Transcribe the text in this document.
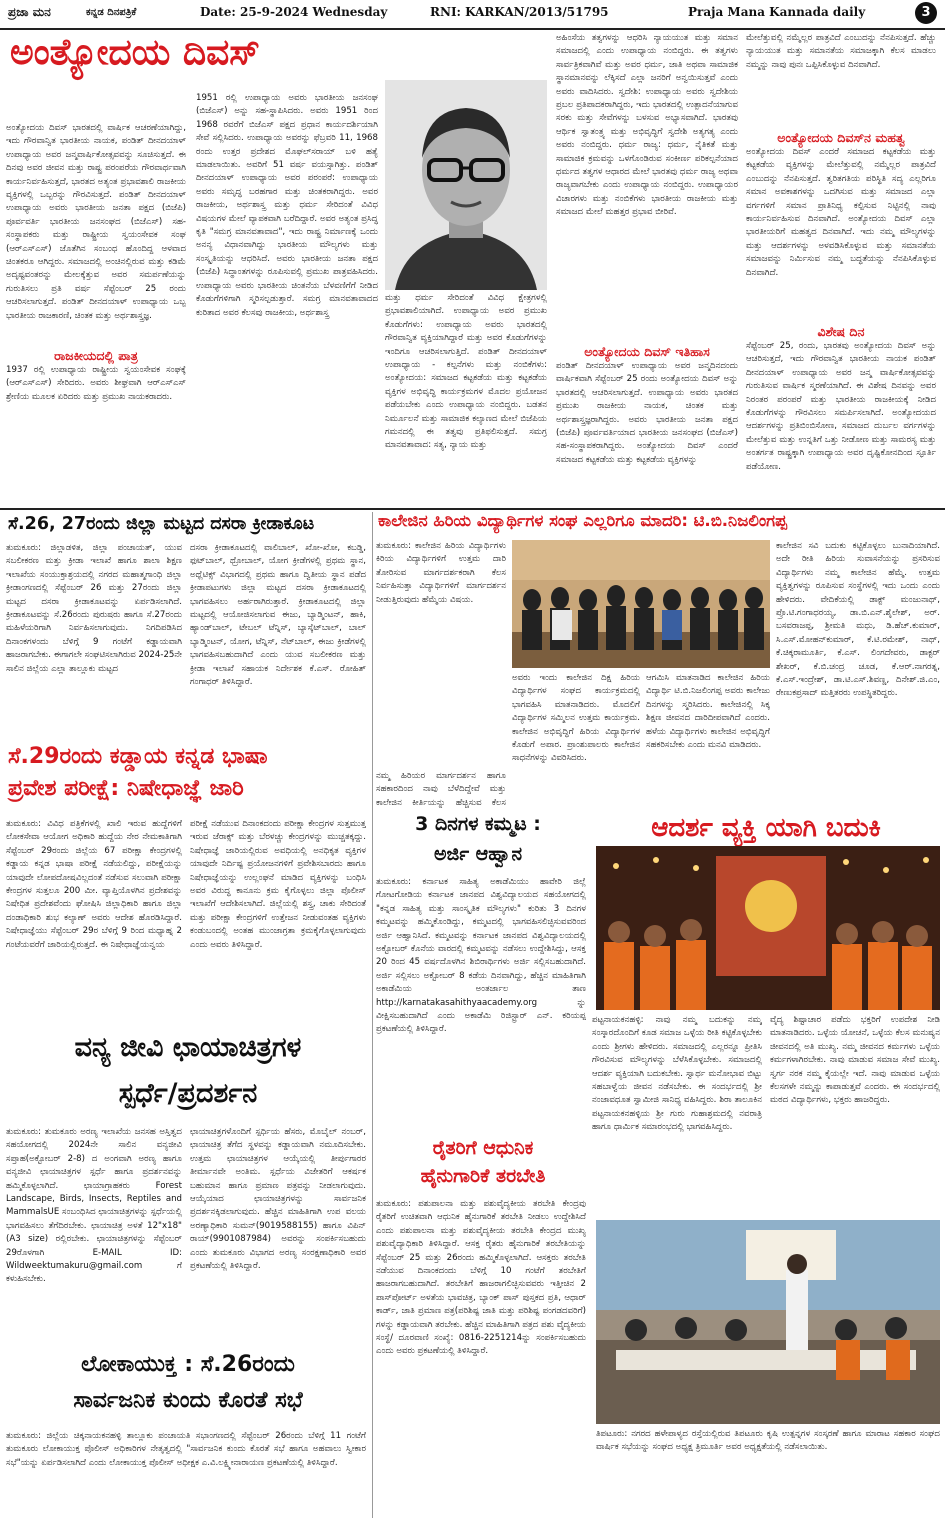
ಪ್ರಜಾ ಮನ	ಕನ್ನಡ ದಿನಪತ್ರಿಕೆ	Date: 25-9-2024 Wednesday	RNI: KARKAN/2013/51795	Praja Mana Kannada daily	3
ಅಂತ್ಯೋದಯ ದಿವಸ್
ಅಂತ್ಯೋದಯ ದಿವಸ್ ಭಾರತದಲ್ಲಿ ವಾರ್ಷಿಕ ಆಚರಣೆಯಾಗಿದ್ದು, ಇದು ಗೌರವಾನ್ವಿತ ಭಾರತೀಯ ನಾಯಕ, ಪಂಡಿತ್ ದೀನದಯಾಳ್ ಉಪಾಧ್ಯಾಯ ಅವರ ಜನ್ಮವಾರ್ಷಿಕೋತ್ಸವವನ್ನು ಸೂಚಿಸುತ್ತದೆ. ಈ ದಿನವು ಅವರ ಜೀವನ ಮತ್ತು ರಾಷ್ಟ್ರ ಪರಂಪರೆಯ ಗೌರವಾರ್ಥವಾಗಿ ಕಾರ್ಯನಿರ್ವಹಿಸುತ್ತದೆ, ಭಾರತದ ಅತ್ಯಂತ ಪ್ರಭಾವಶಾಲಿ ರಾಜಕೀಯ ವ್ಯಕ್ತಿಗಳಲ್ಲಿ ಒಬ್ಬರನ್ನು ಗೌರವಿಸುತ್ತದೆ. ಪಂಡಿತ್ ದೀನದಯಾಳ್ ಉಪಾಧ್ಯಾಯ ಅವರು ಭಾರತೀಯ ಜನತಾ ಪಕ್ಷದ (ಬಿಜೆಪಿ) ಪೂರ್ವವರ್ತಿ ಭಾರತೀಯ ಜನಸಂಘದ (ಬಿಜೆಎಸ್) ಸಹ-ಸಂಸ್ಥಾಪಕರು ಮತ್ತು ರಾಷ್ಟ್ರೀಯ ಸ್ವಯಂಸೇವಕ ಸಂಘ (ಆರ್‌ಎಸ್‌ಎಸ್) ಜೊತೆಗಿನ ಸಂಬಂಧ ಹೊಂದಿದ್ದ ಆಳವಾದ ಚಿಂತಕರೂ ಆಗಿದ್ದರು. ಸಮಾಜದಲ್ಲಿ ಅಂಚಿನಲ್ಲಿರುವ ಮತ್ತು ಕಡಿಮೆ ಅದೃಷ್ಟವಂತರನ್ನು ಮೇಲಕ್ಕೆತ್ತುವ ಅವರ ಸಮರ್ಪಣೆಯನ್ನು ಗುರುತಿಸಲು ಪ್ರತಿ ವರ್ಷ ಸೆಪ್ಟೆಂಬರ್ 25 ರಂದು ಆಚರಿಸಲಾಗುತ್ತದೆ. ಪಂಡಿತ್ ದೀನದಯಾಳ್ ಉಪಾಧ್ಯಾಯ ಒಬ್ಬ ಭಾರತೀಯ ರಾಜಕಾರಣಿ, ಚಿಂತಕ ಮತ್ತು ಅರ್ಥಶಾಸ್ತ್ರಜ್ಞ.
ರಾಜಕೀಯದಲ್ಲಿ ಪಾತ್ರ
1937 ರಲ್ಲಿ ಉಪಾಧ್ಯಾಯ ರಾಷ್ಟ್ರೀಯ ಸ್ವಯಂಸೇವಕ ಸಂಘಕ್ಕೆ (ಆರ್‌ಎಸ್‌ಎಸ್) ಸೇರಿದರು. ಅವರು ಶೀಘ್ರವಾಗಿ ಆರ್‌ಎಸ್‌ಎಸ್ ಶ್ರೇಣಿಯ ಮೂಲಕ ಏರಿದರು ಮತ್ತು ಪ್ರಮುಖ ನಾಯಕರಾದರು.
1951 ರಲ್ಲಿ ಉಪಾಧ್ಯಾಯ ಅವರು ಭಾರತೀಯ ಜನಸಂಘ (ಬಿಜೆಎಸ್) ಅನ್ನು ಸಹ-ಸ್ಥಾಪಿಸಿದರು. ಅವರು 1951 ರಿಂದ 1968 ರವರೆಗೆ ಬಿಜೆಎಸ್ ಪಕ್ಷದ ಪ್ರಧಾನ ಕಾರ್ಯದರ್ಶಿಯಾಗಿ ಸೇವೆ ಸಲ್ಲಿಸಿದರು. ಉಪಾಧ್ಯಾಯ ಅವರನ್ನು ಫೆಬ್ರವರಿ 11, 1968 ರಂದು ಉತ್ತರ ಪ್ರದೇಶದ ಮೊಘಲ್‌ಸರಾಯ್ ಬಳಿ ಹತ್ಯೆ ಮಾಡಲಾಯಿತು. ಅವರಿಗೆ 51 ವರ್ಷ ವಯಸ್ಸಾಗಿತ್ತು. ಪಂಡಿತ್ ದೀನದಯಾಳ್ ಉಪಾಧ್ಯಾಯ ಅವರ ಪರಂಪರೆ: ಉಪಾಧ್ಯಾಯ ಅವರು ಸಮೃದ್ಧ ಬರಹಗಾರ ಮತ್ತು ಚಿಂತಕರಾಗಿದ್ದರು. ಅವರ ರಾಜಕೀಯ, ಅರ್ಥಶಾಸ್ತ್ರ ಮತ್ತು ಧರ್ಮ ಸೇರಿದಂತೆ ವಿವಿಧ ವಿಷಯಗಳ ಮೇಲೆ ವ್ಯಾಪಕವಾಗಿ ಬರೆದಿದ್ದಾರೆ. ಅವರ ಅತ್ಯಂತ ಪ್ರಸಿದ್ಧ ಕೃತಿ "ಸಮಗ್ರ ಮಾನವತಾವಾದ", ಇದು ರಾಷ್ಟ್ರ ನಿರ್ಮಾಣಕ್ಕೆ ಒಂದು ಅನನ್ಯ ವಿಧಾನವಾಗಿದ್ದು ಭಾರತೀಯ ಮೌಲ್ಯಗಳು ಮತ್ತು ಸಂಸ್ಕೃತಿಯನ್ನು ಆಧರಿಸಿದೆ. ಅವರು ಭಾರತೀಯ ಜನತಾ ಪಕ್ಷದ (ಬಿಜೆಪಿ) ಸಿದ್ಧಾಂತಗಳನ್ನು ರೂಪಿಸುವಲ್ಲಿ ಪ್ರಮುಖ ಪಾತ್ರವಹಿಸಿದರು. ಉಪಾಧ್ಯಾಯ ಅವರು ಭಾರತೀಯ ಚಿಂತನೆಯ ಬೆಳವಣಿಗೆಗೆ ನೀಡಿದ ಕೊಡುಗೆಗಳಿಗಾಗಿ ಸ್ಮರಿಸಲ್ಪಡುತ್ತಾರೆ. ಸಮಗ್ರ ಮಾನವತಾವಾದದ ಕುರಿತಾದ ಅವರ ಕೆಲಸವು ರಾಜಕೀಯ, ಅರ್ಥಶಾಸ್ತ್ರ
ಮತ್ತು ಧರ್ಮ ಸೇರಿದಂತೆ ವಿವಿಧ ಕ್ಷೇತ್ರಗಳಲ್ಲಿ ಪ್ರಭಾವಶಾಲಿಯಾಗಿದೆ. ಉಪಾಧ್ಯಾಯ ಅವರ ಪ್ರಮುಖ ಕೊಡುಗೆಗಳು: ಉಪಾಧ್ಯಾಯ ಅವರು ಭಾರತದಲ್ಲಿ ಗೌರವಾನ್ವಿತ ವ್ಯಕ್ತಿಯಾಗಿದ್ದಾರೆ ಮತ್ತು ಅವರ ಕೊಡುಗೆಗಳನ್ನು ಇಂದಿಗೂ ಆಚರಿಸಲಾಗುತ್ತಿದೆ. ಪಂಡಿತ್ ದೀನದಯಾಳ್ ಉಪಾಧ್ಯಾಯ - ಕಲ್ಪನೆಗಳು ಮತ್ತು ನಂಬಿಕೆಗಳು: ಅಂತ್ಯೋದಯ: ಸಮಾಜದ ಕಟ್ಟಕಡೆಯ ಮತ್ತು ಕಟ್ಟಕಡೆಯ ವ್ಯಕ್ತಿಗಳ ಅಭಿವೃದ್ಧಿ ಕಾರ್ಯಕ್ರಮಗಳ ಮೊದಲ ಪ್ರಯೋಜನ ಪಡೆಯಬೇಕು ಎಂದು ಉಪಾಧ್ಯಾಯ ನಂಬಿದ್ದರು. ಬಡತನ ನಿರ್ಮೂಲನೆ ಮತ್ತು ಸಾಮಾಜಿಕ ಕಲ್ಯಾಣದ ಮೇಲೆ ಬಿಜೆಪಿಯ ಗಮನದಲ್ಲಿ ಈ ತತ್ವವು ಪ್ರತಿಫಲಿಸುತ್ತದೆ. ಸಮಗ್ರ ಮಾನವತಾವಾದ: ಸತ್ಯ, ನ್ಯಾಯ ಮತ್ತು
ಅಹಿಂಸೆಯ ತತ್ವಗಳನ್ನು ಆಧರಿಸಿ ನ್ಯಾಯಯುತ ಮತ್ತು ಸಮಾನ ಸಮಾಜದಲ್ಲಿ ಎಂದು ಉಪಾಧ್ಯಾಯ ನಂಬಿದ್ದರು. ಈ ತತ್ವಗಳು ಸಾರ್ವತ್ರಿಕವಾಗಿವೆ ಮತ್ತು ಅವರ ಧರ್ಮ, ಜಾತಿ ಅಥವಾ ಸಾಮಾಜಿಕ ಸ್ಥಾನಮಾನವನ್ನು ಲೆಕ್ಕಿಸದೆ ಎಲ್ಲಾ ಜನರಿಗೆ ಅನ್ವಯಿಸುತ್ತವೆ ಎಂದು ಅವರು ವಾದಿಸಿದರು. ಸ್ವದೇಶಿ: ಉಪಾಧ್ಯಾಯ ಅವರು ಸ್ವದೇಶಿಯ ಪ್ರಬಲ ಪ್ರತಿಪಾದಕರಾಗಿದ್ದರು, ಇದು ಭಾರತದಲ್ಲಿ ಉತ್ಪಾದನೆಯಾಗುವ ಸರಕು ಮತ್ತು ಸೇವೆಗಳನ್ನು ಬಳಸುವ ಅಭ್ಯಾಸವಾಗಿದೆ. ಭಾರತವು ಆರ್ಥಿಕ ಸ್ವಾತಂತ್ರ್ಯ ಮತ್ತು ಅಭಿವೃದ್ಧಿಗೆ ಸ್ವದೇಶಿ ಅತ್ಯಗತ್ಯ ಎಂದು ಅವರು ನಂಬಿದ್ದರು. ಧರ್ಮ ರಾಜ್ಯ: ಧರ್ಮ, ನೈತಿಕತೆ ಮತ್ತು ಸಾಮಾಜಿಕ ಕ್ರಮವನ್ನು ಒಳಗೊಂಡಿರುವ ಸಂಕೀರ್ಣ ಪರಿಕಲ್ಪನೆಯಾದ ಧರ್ಮದ ತತ್ವಗಳ ಆಧಾರದ ಮೇಲೆ ಭಾರತವು ಧರ್ಮ ರಾಜ್ಯ ಅಥವಾ ರಾಜ್ಯವಾಗಬೇಕು ಎಂದು ಉಪಾಧ್ಯಾಯ ನಂಬಿದ್ದರು. ಉಪಾಧ್ಯಾಯರ ವಿಚಾರಗಳು ಮತ್ತು ನಂಬಿಕೆಗಳು ಭಾರತೀಯ ರಾಜಕೀಯ ಮತ್ತು ಸಮಾಜದ ಮೇಲೆ ಮಹತ್ತರ ಪ್ರಭಾವ ಬೀರಿವೆ.
ಅಂತ್ಯೋದಯ ದಿವಸ್ ಇತಿಹಾಸ
ಪಂಡಿತ್ ದೀನದಯಾಳ್ ಉಪಾಧ್ಯಾಯ ಅವರ ಜನ್ಮದಿನದಂದು ವಾರ್ಷಿಕವಾಗಿ ಸೆಪ್ಟೆಂಬರ್ 25 ರಂದು ಅಂತ್ಯೋದಯ ದಿವಸ್ ಅನ್ನು ಭಾರತದಲ್ಲಿ ಆಚರಿಸಲಾಗುತ್ತದೆ. ಉಪಾಧ್ಯಾಯ ಅವರು ಭಾರತದ ಪ್ರಮುಖ ರಾಜಕೀಯ ನಾಯಕ, ಚಿಂತಕ ಮತ್ತು ಅರ್ಥಶಾಸ್ತ್ರಜ್ಞರಾಗಿದ್ದರು. ಅವರು ಭಾರತೀಯ ಜನತಾ ಪಕ್ಷದ (ಬಿಜೆಪಿ) ಪೂರ್ವವರ್ತಿಯಾದ ಭಾರತೀಯ ಜನಸಂಘದ (ಬಿಜೆಎಸ್) ಸಹ-ಸಂಸ್ಥಾಪಕರಾಗಿದ್ದರು. ಅಂತ್ಯೋದಯ ದಿವಸ್ ಎಂದರೆ ಸಮಾಜದ ಕಟ್ಟಕಡೆಯ ಮತ್ತು ಕಟ್ಟಕಡೆಯ ವ್ಯಕ್ತಿಗಳನ್ನು
ಮೇಲೆತ್ತುವಲ್ಲಿ ನಮ್ಮೆಲ್ಲರ ಪಾತ್ರವಿದೆ ಎಂಬುದನ್ನು ನೆನಪಿಸುತ್ತದೆ. ಹೆಚ್ಚು ನ್ಯಾಯಯುತ ಮತ್ತು ಸಮಾನತೆಯ ಸಮಾಜಕ್ಕಾಗಿ ಕೆಲಸ ಮಾಡಲು ನಮ್ಮನ್ನು ನಾವು ಪುನಃ ಒಪ್ಪಿಸಿಕೊಳ್ಳುವ ದಿನವಾಗಿದೆ.
ಅಂತ್ಯೋದಯ ದಿವಸ್‌ನ ಮಹತ್ವ
ಅಂತ್ಯೋದಯ ದಿವಸ್ ಎಂದರೆ ಸಮಾಜದ ಕಟ್ಟಕಡೆಯ ಮತ್ತು ಕಟ್ಟಕಡೆಯ ವ್ಯಕ್ತಿಗಳನ್ನು ಮೇಲೆತ್ತುವಲ್ಲಿ ನಮ್ಮೆಲ್ಲರ ಪಾತ್ರವಿದೆ ಎಂಬುದನ್ನು ನೆನಪಿಸುತ್ತದೆ. ತ್ವರಿತಗತಿಯ ಪರಿಸ್ಥಿತಿ ಸದ್ಯ ಎಲ್ಲರಿಗೂ ಸಮಾನ ಅವಕಾಶಗಳನ್ನು ಒದಗಿಸುವ ಮತ್ತು ಸಮಾಜದ ಎಲ್ಲಾ ವರ್ಗಗಳಿಗೆ ಸಮಾನ ಪ್ರಾತಿನಿಧ್ಯ ಕಲ್ಪಿಸುವ ನಿಟ್ಟಿನಲ್ಲಿ ನಾವು ಕಾರ್ಯನಿರ್ವಹಿಸುವ ದಿನವಾಗಿದೆ. ಅಂತ್ಯೋದಯ ದಿವಸ್ ಎಲ್ಲಾ ಭಾರತೀಯರಿಗೆ ಮಹತ್ವದ ದಿನವಾಗಿದೆ. ಇದು ನಮ್ಮ ಮೌಲ್ಯಗಳನ್ನು ಮತ್ತು ಆದರ್ಶಗಳನ್ನು ಅಳವಡಿಸಿಕೊಳ್ಳುವ ಮತ್ತು ಸಮಾನತೆಯ ಸಮಾಜವನ್ನು ನಿರ್ಮಿಸುವ ನಮ್ಮ ಬದ್ಧತೆಯನ್ನು ನೆನಪಿಸಿಕೊಳ್ಳುವ ದಿನವಾಗಿದೆ.
ವಿಶೇಷ ದಿನ
ಸೆಪ್ಟೆಂಬರ್ 25, ರಂದು, ಭಾರತವು ಅಂತ್ಯೋದಯ ದಿವಸ್ ಅನ್ನು ಆಚರಿಸುತ್ತದೆ, ಇದು ಗೌರವಾನ್ವಿತ ಭಾರತೀಯ ನಾಯಕ ಪಂಡಿತ್ ದೀನದಯಾಳ್ ಉಪಾಧ್ಯಾಯ ಅವರ ಜನ್ಮ ವಾರ್ಷಿಕೋತ್ಸವವನ್ನು ಗುರುತಿಸುವ ವಾರ್ಷಿಕ ಸ್ಮರಣೆಯಾಗಿದೆ. ಈ ವಿಶೇಷ ದಿನವನ್ನು ಅವರ ನಿರಂತರ ಪರಂಪರೆ ಮತ್ತು ಭಾರತೀಯ ರಾಜಕೀಯಕ್ಕೆ ನೀಡಿದ ಕೊಡುಗೆಗಳನ್ನು ಗೌರವಿಸಲು ಸಮರ್ಪಿಸಲಾಗಿದೆ. ಅಂತ್ಯೋದಯದ ಆದರ್ಶಗಳನ್ನು ಪ್ರತಿಬಿಂಬಿಸೋಣ, ಸಮಾಜದ ದುರ್ಬಲ ವರ್ಗಗಳನ್ನು ಮೇಲೆತ್ತುವ ಮತ್ತು ಉನ್ನತಿಗೆ ಒತ್ತು ನೀಡೋಣ ಮತ್ತು ಸಾಮರಸ್ಯ ಮತ್ತು ಅಂತರ್ಗತ ರಾಷ್ಟ್ರಕ್ಕಾಗಿ ಉಪಾಧ್ಯಾಯ ಅವರ ದೃಷ್ಟಿಕೋನದಿಂದ ಸ್ಫೂರ್ತಿ ಪಡೆಯೋಣ.
ಸೆ.26, 27ರಂದು ಜಿಲ್ಲಾ ಮಟ್ಟದ ದಸರಾ ಕ್ರೀಡಾಕೂಟ
ತುಮಕೂರು: ಜಿಲ್ಲಾಡಳಿತ, ಜಿಲ್ಲಾ ಪಂಚಾಯತ್, ಯುವ ಸಬಲೀಕರಣ ಮತ್ತು ಕ್ರೀಡಾ ಇಲಾಖೆ ಹಾಗೂ ಶಾಲಾ ಶಿಕ್ಷಣ ಇಲಾಖೆಯ ಸಂಯುಕ್ತಾಶ್ರಯದಲ್ಲಿ ನಗರದ ಮಹಾತ್ಮಗಾಂಧಿ ಜಿಲ್ಲಾ ಕ್ರೀಡಾಂಗಣದಲ್ಲಿ ಸೆಪ್ಟೆಂಬರ್ 26 ಮತ್ತು 27ರಂದು ಜಿಲ್ಲಾ ಮಟ್ಟದ ದಸರಾ ಕ್ರೀಡಾಕೂಟವನ್ನು ಏರ್ಪಡಿಸಲಾಗಿದೆ. ಕ್ರೀಡಾಕೂಟವನ್ನು ಸೆ.26ರಂದು ಪುರುಷರು ಹಾಗೂ ಸೆ.27ರಂದು ಮಹಿಳೆಯರಿಗಾಗಿ ನಿರ್ವಹಿಸಲಾಗುವುದು. ನಿಗದಿಪಡಿಸಿದ ದಿನಾಂಕಗಳಂದು ಬೆಳಿಗ್ಗೆ 9 ಗಂಟೆಗೆ ಕಡ್ಡಾಯವಾಗಿ ಹಾಜರಾಗಬೇಕು. ಈಗಾಗಲೇ ಸಂಘಟಿಸಲಾಗಿರುವ 2024-25ನೇ ಸಾಲಿನ ಜಿಲ್ಲೆಯ ಎಲ್ಲಾ ತಾಲ್ಲೂಕು ಮಟ್ಟದ
ದಸರಾ ಕ್ರೀಡಾಕೂಟದಲ್ಲಿ ವಾಲಿಬಾಲ್, ಖೋ-ಖೋ, ಕಬಡ್ಡಿ, ಫುಟ್‌ಬಾಲ್, ಥ್ರೋಬಾಲ್, ಯೋಗ ಕ್ರೀಡೆಗಳಲ್ಲಿ ಪ್ರಥಮ ಸ್ಥಾನ, ಅಥ್ಲೆಟಿಕ್ಸ್ ವಿಭಾಗದಲ್ಲಿ ಪ್ರಥಮ ಹಾಗೂ ದ್ವಿತೀಯ ಸ್ಥಾನ ಪಡೆದ ಕ್ರೀಡಾಪಟುಗಳು ಜಿಲ್ಲಾ ಮಟ್ಟದ ದಸರಾ ಕ್ರೀಡಾಕೂಟದಲ್ಲಿ ಭಾಗವಹಿಸಲು ಅರ್ಹರಾಗಿರುತ್ತಾರೆ. ಕ್ರೀಡಾಕೂಟದಲ್ಲಿ ಜಿಲ್ಲಾ ಮಟ್ಟದಲ್ಲಿ ಆಯೋಜಿಸಲಾಗುವ ಈಜು, ಬ್ಯಾಡ್ಮಿಂಟನ್, ಹಾಕಿ, ಹ್ಯಾಂಡ್‌ಬಾಲ್, ಟೇಬಲ್ ಟೆನ್ನಿಸ್, ಬ್ಯಾಸ್ಕೆಟ್‌ಬಾಲ್, ಬಾಲ್ ಬ್ಯಾಡ್ಮಿಂಟನ್, ಯೋಗ, ಟೆನ್ನಿಸ್, ನೆಟ್‌ಬಾಲ್, ಈಜು ಕ್ರೀಡೆಗಳಲ್ಲಿ ಭಾಗವಹಿಸಬಹುದಾಗಿದೆ ಎಂದು ಯುವ ಸಬಲೀಕರಣ ಮತ್ತು ಕ್ರೀಡಾ ಇಲಾಖೆ ಸಹಾಯಕ ನಿರ್ದೇಶಕ ಕೆ.ಎಸ್. ರೋಹಿತ್ ಗಂಗಾಧರ್ ತಿಳಿಸಿದ್ದಾರೆ.
ಸೆ.29ರಂದು ಕಡ್ಡಾಯ ಕನ್ನಡ ಭಾಷಾ
ಪ್ರವೇಶ ಪರೀಕ್ಷೆ: ನಿಷೇಧಾಜ್ಞೆ ಜಾರಿ
ತುಮಕೂರು: ವಿವಿಧ ಪತ್ರಿಕೆಗಳಲ್ಲಿ ಖಾಲಿ ಇರುವ ಹುದ್ದೆಗಳಿಗೆ ಲೋಕಸೇವಾ ಆಯೋಗ ಅಧಿಕಾರಿ ಹುದ್ದೆಯ ನೇರ ನೇಮಕಾತಿಗಾಗಿ ಸೆಪ್ಟೆಂಬರ್ 29ರಂದು ಜಿಲ್ಲೆಯ 67 ಪರೀಕ್ಷಾ ಕೇಂದ್ರಗಳಲ್ಲಿ ಕಡ್ಡಾಯ ಕನ್ನಡ ಭಾಷಾ ಪರೀಕ್ಷೆ ನಡೆಯಲಿದ್ದು, ಪರೀಕ್ಷೆಯನ್ನು ಯಾವುದೇ ಲೋಪದೋಷವಿಲ್ಲದಂತೆ ನಡೆಸುವ ಸಲುವಾಗಿ ಪರೀಕ್ಷಾ ಕೇಂದ್ರಗಳ ಸುತ್ತಲೂ 200 ಮೀ. ವ್ಯಾಪ್ತಿಯೊಳಗಿನ ಪ್ರದೇಶವನ್ನು ನಿಷೇಧಿತ ಪ್ರದೇಶವೆಂದು ಘೋಷಿಸಿ ಜಿಲ್ಲಾಧಿಕಾರಿ ಹಾಗೂ ಜಿಲ್ಲಾ ದಂಡಾಧಿಕಾರಿ ಶುಭ ಕಲ್ಯಾಣ್ ಅವರು ಆದೇಶ ಹೊರಡಿಸಿದ್ದಾರೆ. ನಿಷೇಧಾಜ್ಞೆಯು ಸೆಪ್ಟೆಂಬರ್ 29ರ ಬೆಳಿಗ್ಗೆ 9 ರಿಂದ ಮಧ್ಯಾಹ್ನ 2 ಗಂಟೆಯವರೆಗೆ ಜಾರಿಯಲ್ಲಿರುತ್ತದೆ. ಈ ನಿಷೇಧಾಜ್ಞೆಯನ್ವಯ
ಪರೀಕ್ಷೆ ನಡೆಯುವ ದಿನಾಂಕದಂದು ಪರೀಕ್ಷಾ ಕೇಂದ್ರಗಳ ಸುತ್ತಮುತ್ತ ಇರುವ ಜೆರಾಕ್ಸ್ ಮತ್ತು ಬೆರಳಚ್ಚು ಕೇಂದ್ರಗಳನ್ನು ಮುಚ್ಚತಕ್ಕದ್ದು. ನಿಷೇಧಾಜ್ಞೆ ಜಾರಿಯಲ್ಲಿರುವ ಅವಧಿಯಲ್ಲಿ ಅನಧಿಕೃತ ವ್ಯಕ್ತಿಗಳ ಯಾವುದೇ ನಿರ್ದಿಷ್ಟ ಪ್ರಯೋಜನಗಳಿಗೆ ಪ್ರವೇಶಿಸಬಾರದು ಹಾಗೂ ನಿಷೇಧಾಜ್ಞೆಯನ್ನು ಉಲ್ಲಂಘನೆ ಮಾಡಿದ ವ್ಯಕ್ತಿಗಳನ್ನು ಬಂಧಿಸಿ ಅವರ ವಿರುದ್ಧ ಕಾನೂನು ಕ್ರಮ ಕೈಗೊಳ್ಳಲು ಜಿಲ್ಲಾ ಪೊಲೀಸ್ ಇಲಾಖೆಗೆ ಆದೇಶಿಸಲಾಗಿದೆ. ಜಿಲ್ಲೆಯಲ್ಲಿ ಶಸ್ತ್ರ, ಚಾಕು ಸೇರಿದಂತೆ ಮತ್ತು ಪರೀಕ್ಷಾ ಕೇಂದ್ರಗಳಿಗೆ ಉತ್ತೇಜನ ನೀಡುವಂತಹ ವ್ಯಕ್ತಿಗಳು ಕಂಡುಬಂದಲ್ಲಿ ಅಂತಹ ಮುಂಜಾಗ್ರತಾ ಕ್ರಮಕೈಗೊಳ್ಳಲಾಗುವುದು ಎಂದು ಅವರು ತಿಳಿಸಿದ್ದಾರೆ.
ವನ್ಯ ಜೀವಿ ಛಾಯಾಚಿತ್ರಗಳ
ಸ್ಪರ್ಧೆ/ಪ್ರದರ್ಶನ
ತುಮಕೂರು: ತುಮಕೂರು ಅರಣ್ಯ ಇಲಾಖೆಯ ಜನಸಹ ಅಸ್ತಿತ್ವದ ಸಹಯೋಗದಲ್ಲಿ 2024ನೇ ಸಾಲಿನ ವನ್ಯಜೀವಿ ಸಪ್ತಾಹ(ಅಕ್ಟೋಬರ್ 2-8) ದ ಅಂಗವಾಗಿ ಅರಣ್ಯ ಹಾಗೂ ವನ್ಯಜೀವಿ ಛಾಯಾಚಿತ್ರಗಳ ಸ್ಪರ್ಧೆ ಹಾಗೂ ಪ್ರದರ್ಶನವನ್ನು ಹಮ್ಮಿಕೊಳ್ಳಲಾಗಿದೆ. ಛಾಯಾಗ್ರಾಹಕರು Forest Landscape, Birds, Insects, Reptiles and MammalsUE ಸಂಬಂಧಿಸಿದ ಛಾಯಾಚಿತ್ರಗಳನ್ನು ಸ್ಪರ್ಧೆಯಲ್ಲಿ ಭಾಗವಹಿಸಲು ತೆಗೆದಿರಬೇಕು. ಛಾಯಾಚಿತ್ರ ಅಳತೆ 12"x18" (A3 size) ರಲ್ಲಿರಬೇಕು. ಛಾಯಾಚಿತ್ರಗಳನ್ನು ಸೆಪ್ಟೆಂಬರ್ 29ರೊಳಗಾಗಿ E-MAIL ID: Wildweektumakuru@gmail.com ಗೆ ಕಳುಹಿಸಬೇಕು.
ಛಾಯಾಚಿತ್ರಗಳೊಂದಿಗೆ ಸ್ಪರ್ಧಿಯ ಹೆಸರು, ಮೊಬೈಲ್ ನಂಬರ್, ಛಾಯಾಚಿತ್ರ ತೆಗೆದ ಸ್ಥಳವನ್ನು ಕಡ್ಡಾಯವಾಗಿ ನಮೂದಿಸಬೇಕು. ಉತ್ತಮ ಛಾಯಾಚಿತ್ರಗಳ ಆಯ್ಕೆಯಲ್ಲಿ ತೀರ್ಪುಗಾರರ ತೀರ್ಮಾನವೇ ಅಂತಿಮ. ಸ್ಪರ್ಧೆಯ ವಿಜೇತರಿಗೆ ಆಕರ್ಷಕ ಬಹುಮಾನ ಹಾಗೂ ಪ್ರಮಾಣ ಪತ್ರವನ್ನು ನೀಡಲಾಗುವುದು. ಆಯ್ಕೆಯಾದ ಛಾಯಾಚಿತ್ರಗಳನ್ನು ಸಾರ್ವಜನಿಕ ಪ್ರದರ್ಶನಕ್ಕಿಡಲಾಗುವುದು. ಹೆಚ್ಚಿನ ಮಾಹಿತಿಗಾಗಿ ಉಪ ವಲಯ ಅರಣ್ಯಾಧಿಕಾರಿ ಸುಮನ್(9019588155) ಹಾಗೂ ವಿಪಿನ್ ರಾಯ್(9901087984) ಅವರನ್ನು ಸಂಪರ್ಕಿಸಬಹುದು ಎಂದು ತುಮಕೂರು ವಿಭಾಗದ ಅರಣ್ಯ ಸಂರಕ್ಷಣಾಧಿಕಾರಿ ಅವರ ಪ್ರಕಟಣೆಯಲ್ಲಿ ತಿಳಿಸಿದ್ದಾರೆ.
ಲೋಕಾಯುಕ್ತ : ಸೆ.26ರಂದು
ಸಾರ್ವಜನಿಕ ಕುಂದು ಕೊರತೆ ಸಭೆ
ತುಮಕೂರು: ಜಿಲ್ಲೆಯ ಚಿಕ್ಕನಾಯಕನಹಳ್ಳಿ ತಾಲ್ಲೂಕು ಪಂಚಾಯತಿ ಸಭಾಂಗಣದಲ್ಲಿ ಸೆಪ್ಟೆಂಬರ್ 26ರಂದು ಬೆಳಿಗ್ಗೆ 11 ಗಂಟೆಗೆ ತುಮಕೂರು ಲೋಕಾಯುಕ್ತ ಪೊಲೀಸ್ ಅಧಿಕಾರಿಗಳ ನೇತೃತ್ವದಲ್ಲಿ "ಸಾರ್ವಜನಿಕ ಕುಂದು ಕೊರತೆ ಸಭೆ ಹಾಗೂ ಅಹವಾಲು ಸ್ವೀಕಾರ ಸಭೆ"ಯನ್ನು ಏರ್ಪಡಿಸಲಾಗಿದೆ ಎಂದು ಲೋಕಾಯುಕ್ತ ಪೊಲೀಸ್ ಅಧೀಕ್ಷಕ ಎ.ವಿ.ಲಕ್ಷ್ಮೀನಾರಾಯಣ ಪ್ರಕಟಣೆಯಲ್ಲಿ ತಿಳಿಸಿದ್ದಾರೆ.
ಕಾಲೇಜಿನ ಹಿರಿಯ ವಿದ್ಯಾರ್ಥಿಗಳ ಸಂಘ ಎಲ್ಲರಿಗೂ ಮಾದರಿ: ಟಿ.ಬಿ.ನಿಜಲಿಂಗಪ್ಪ
ತುಮಕೂರು: ಕಾಲೇಜಿನ ಹಿರಿಯ ವಿದ್ಯಾರ್ಥಿಗಳು ಕಿರಿಯ ವಿದ್ಯಾರ್ಥಿಗಳಿಗೆ ಉತ್ತಮ ದಾರಿ ತೋರಿಸುವ ಮಾರ್ಗದರ್ಶಕರಾಗಿ ಕೆಲಸ ನಿರ್ವಹಿಸುತ್ತಾ ವಿದ್ಯಾರ್ಥಿಗಳಿಗೆ ಮಾರ್ಗದರ್ಶನ ನೀಡುತ್ತಿರುವುದು ಹೆಮ್ಮೆಯ ವಿಷಯ.
ಕಾಲೇಜಿನ ಸವಿ ಬದುಕು ಕಟ್ಟಿಕೊಳ್ಳಲು ಬುನಾದಿಯಾಗಿದೆ. ಅದೇ ರೀತಿ ಹಿರಿಯ ಸುವಾಸನೆಯನ್ನು ಪ್ರಸರಿಸುವ ವಿದ್ಯಾರ್ಥಿಗಳು ನಮ್ಮ ಕಾಲೇಜಿನ ಹೆಮ್ಮೆ. ಉತ್ತಮ ವ್ಯಕ್ತಿತ್ವಗಳನ್ನು ರೂಪಿಸುವ ಸಂಸ್ಥೆಗಳಲ್ಲಿ ಇದು ಒಂದು ಎಂದು ಹೇಳಿದರು. ವೇದಿಕೆಯಲ್ಲಿ ಡಾಕ್ಟ್‌ ಮಂಜುನಾಥ್, ಪ್ರೊ.ಟಿ.ಗಂಗಾಧರಯ್ಯ, ಡಾ.ಬಿ.ಎನ್.ಶೈಲೇಶ್, ಅರ್. ಬಸವರಾಜಪ್ಪ, ಶ್ರೀಮತಿ ಮಧು, ಡಿ.ಹೆಚ್.ಕುಮಾರ್, ಸಿ.ಎಸ್.ಮೋಹನ್‌ಕುಮಾರ್, ಕೆ.ಟಿ.ರಮೇಶ್, ನಾಥ್, ಕೆ.ಚಿಕ್ಕರಾಮೂರ್ತಿ, ಕೆ.ಎಸ್. ಲಿಂಗದೇವರು, ಡಾಕ್ಟರ್ ಶೇಖರ್, ಕೆ.ಬಿ.ಚಂದ್ರ ಚೂಡ, ಕೆ.ಆರ್.ನಾಗರತ್ನ, ಕೆ.ಎಸ್.ಇಂದ್ರೇಶ್, ಡಾ.ಟಿ.ಎಸ್.ಶಿವಣ್ಣ, ದಿನೇಶ್.ಜಿ.ಎಂ, ರೇಣುಕಪ್ರಸಾದ್ ಮತ್ತಿತರರು ಉಪಸ್ಥಿತರಿದ್ದರು.
ಅವರು ಇಂದು ಕಾಲೇಜಿನ ದಿಕ್ಷ ಹಿರಿಯ ವಿದ್ಯಾರ್ಥಿಗಳ ಸಂಘದ ಕಾರ್ಯಕ್ರಮದಲ್ಲಿ ಭಾಗವಹಿಸಿ ಮಾತನಾಡಿದರು. ಮೊದಲಿಗೆ ವಿದ್ಯಾರ್ಥಿಗಳ ಸಮ್ಮಿಲನ ಉತ್ತಮ ಕಾರ್ಯಕ್ರಮ. ಕಾಲೇಜಿನ ಅಭಿವೃದ್ಧಿಗೆ ಹಿರಿಯ ವಿದ್ಯಾರ್ಥಿಗಳ ಕೊಡುಗೆ ಅಪಾರ. ಪ್ರಾಂಶುಪಾಲರು ಕಾಲೇಜಿನ ಸಾಧನೆಗಳನ್ನು ವಿವರಿಸಿದರು.
ಆಗಮಿಸಿ ಮಾತನಾಡಿದ ಕಾಲೇಜಿನ ಹಿರಿಯ ವಿದ್ಯಾರ್ಥಿ ಟಿ.ಬಿ.ನಿಜಲಿಂಗಪ್ಪ ಅವರು ಕಾಲೇಜು ದಿನಗಳನ್ನು ಸ್ಮರಿಸಿದರು. ಕಾಲೇಜಿನಲ್ಲಿ ಸಿಕ್ಕ ಶಿಕ್ಷಣ ಜೀವನದ ದಾರಿದೀಪವಾಗಿದೆ ಎಂದರು. ಹಳೆಯ ವಿದ್ಯಾರ್ಥಿಗಳು ಕಾಲೇಜಿನ ಅಭಿವೃದ್ಧಿಗೆ ಸಹಕರಿಸಬೇಕು ಎಂದು ಮನವಿ ಮಾಡಿದರು.
ನಮ್ಮ ಹಿರಿಯರ ಮಾರ್ಗದರ್ಶನ ಹಾಗೂ ಸಹಕಾರದಿಂದ ನಾವು ಬೆಳೆದಿದ್ದೇವೆ ಮತ್ತು ಕಾಲೇಜಿನ ಕೀರ್ತಿಯನ್ನು ಹೆಚ್ಚಿಸುವ ಕೆಲಸ
3 ದಿನಗಳ ಕಮ್ಮಟ :
ಅರ್ಜಿ ಆಹ್ವಾನ
ತುಮಕೂರು: ಕರ್ನಾಟಕ ಸಾಹಿತ್ಯ ಅಕಾಡೆಮಿಯು ಹಾವೇರಿ ಜಿಲ್ಲೆ ಗೋಟಗೋಡಿಯ ಕರ್ನಾಟಕ ಜಾನಪದ ವಿಶ್ವವಿದ್ಯಾಲಯದ ಸಹಯೋಗದಲ್ಲಿ "ಕನ್ನಡ ಸಾಹಿತ್ಯ ಮತ್ತು ಸಾಂಸ್ಕೃತಿಕ ಮೌಲ್ಯಗಳು" ಕುರಿತು 3 ದಿನಗಳ ಕಮ್ಮಟವನ್ನು ಹಮ್ಮಿಕೊಂಡಿದ್ದು, ಕಮ್ಮಟದಲ್ಲಿ ಭಾಗವಹಿಸಲಿಚ್ಛಿಸುವವರಿಂದ ಅರ್ಜಿ ಆಹ್ವಾನಿಸಿದೆ. ಕಮ್ಮಟವನ್ನು ಕರ್ನಾಟಕ ಜಾನಪದ ವಿಶ್ವವಿದ್ಯಾಲಯದಲ್ಲಿ ಅಕ್ಟೋಬರ್ ಕೊನೆಯ ವಾರದಲ್ಲಿ ಕಮ್ಮಟವನ್ನು ನಡೆಸಲು ಉದ್ದೇಶಿಸಿದ್ದು, ಆಸಕ್ತ 20 ರಿಂದ 45 ವರ್ಷದೊಳಗಿನ ಶಿಬಿರಾರ್ಥಿಗಳು ಅರ್ಜಿ ಸಲ್ಲಿಸಬಹುದಾಗಿದೆ. ಅರ್ಜಿ ಸಲ್ಲಿಸಲು ಅಕ್ಟೋಬರ್ 8 ಕಡೆಯ ದಿನವಾಗಿದ್ದು, ಹೆಚ್ಚಿನ ಮಾಹಿತಿಗಾಗಿ ಅಕಾಡೆಮಿಯ ಅಂತರ್ಜಾಲ ತಾಣ http://karnatakasahithyaacademy.org ನ್ನು ವೀಕ್ಷಿಸಬಹುದಾಗಿದೆ ಎಂದು ಅಕಾಡೆಮಿ ರಿಜಿಸ್ಟ್ರಾರ್ ಎನ್. ಕರಿಯಪ್ಪ ಪ್ರಕಟಣೆಯಲ್ಲಿ ತಿಳಿಸಿದ್ದಾರೆ.
ರೈತರಿಗೆ ಆಧುನಿಕ
ಹೈನುಗಾರಿಕೆ ತರಬೇತಿ
ತುಮಕೂರು: ಪಶುಪಾಲನಾ ಮತ್ತು ಪಶುವೈದ್ಯಕೀಯ ತರಬೇತಿ ಕೇಂದ್ರವು ರೈತರಿಗೆ ಉಚಿತವಾಗಿ ಆಧುನಿಕ ಹೈನುಗಾರಿಕೆ ತರಬೇತಿ ನೀಡಲು ಉದ್ದೇಶಿಸಿದೆ ಎಂದು ಪಶುಪಾಲನಾ ಮತ್ತು ಪಶುವೈದ್ಯಕೀಯ ತರಬೇತಿ ಕೇಂದ್ರದ ಮುಖ್ಯ ಪಶುವೈದ್ಯಾಧಿಕಾರಿ ತಿಳಿಸಿದ್ದಾರೆ. ಆಸಕ್ತ ರೈತರು ಹೈನುಗಾರಿಕೆ ತರಬೇತಿಯನ್ನು ಸೆಪ್ಟೆಂಬರ್ 25 ಮತ್ತು 26ರಂದು ಹಮ್ಮಿಕೊಳ್ಳಲಾಗಿದೆ. ಆಸಕ್ತರು ತರಬೇತಿ ನಡೆಯುವ ದಿನಾಂಕದಂದು ಬೆಳಿಗ್ಗೆ 10 ಗಂಟೆಗೆ ತರಬೇತಿಗೆ ಹಾಜರಾಗಬಹುದಾಗಿದೆ. ತರಬೇತಿಗೆ ಹಾಜರಾಗಲಿಚ್ಛಿಸುವವರು ಇತ್ತೀಚಿನ 2 ಪಾಸ್‌ಪೋರ್ಟ್ ಅಳತೆಯ ಭಾವಚಿತ್ರ, ಬ್ಯಾಂಕ್ ಪಾಸ್ ಪುಸ್ತಕದ ಪ್ರತಿ, ಆಧಾರ್ ಕಾರ್ಡ್, ಜಾತಿ ಪ್ರಮಾಣ ಪತ್ರ(ಪರಿಶಿಷ್ಟ ಜಾತಿ ಮತ್ತು ಪರಿಶಿಷ್ಟ ಪಂಗಡದವರಿಗೆ) ಗಳನ್ನು ಕಡ್ಡಾಯವಾಗಿ ತರಬೇಕು. ಹೆಚ್ಚಿನ ಮಾಹಿತಿಗಾಗಿ ಪತ್ರದ ಪಶು ವೈದ್ಯಕೀಯ ಸಂಸ್ಥೆ/ ದೂರವಾಣಿ ಸಂಖ್ಯೆ: 0816-2251214ನ್ನು ಸಂಪರ್ಕಿಸಬಹುದು ಎಂದು ಅವರು ಪ್ರಕಟಣೆಯಲ್ಲಿ ತಿಳಿಸಿದ್ದಾರೆ.
ಆದರ್ಶ ವ್ಯಕ್ತಿ ಯಾಗಿ ಬದುಕಿ
ಪಟ್ಟನಾಯಕನಹಳ್ಳಿ: ನಾವು ನಮ್ಮ ಬದುಕನ್ನು ನಮ್ಮ ಸಂಸ್ಕಾರದೊಂದಿಗೆ ಕೂಡ ಸಮಾಜ ಒಳ್ಳೆಯ ರೀತಿ ಕಟ್ಟಿಕೊಳ್ಳಬೇಕು ಎಂದು ಶ್ರೀಗಳು ಹೇಳಿದರು. ಸಮಾಜದಲ್ಲಿ ಎಲ್ಲರನ್ನೂ ಪ್ರೀತಿಸಿ ಗೌರವಿಸುವ ಮೌಲ್ಯಗಳನ್ನು ಬೆಳೆಸಿಕೊಳ್ಳಬೇಕು. ಸಮಾಜದಲ್ಲಿ ಆದರ್ಶ ವ್ಯಕ್ತಿಯಾಗಿ ಬದುಕಬೇಕು. ಸ್ವಾರ್ಥ ಮನೋಭಾವ ಬಿಟ್ಟು ಸಹಬಾಳ್ವೆಯ ಜೀವನ ನಡೆಸಬೇಕು. ಈ ಸಂದರ್ಭದಲ್ಲಿ ಶ್ರೀ ನಂಜಾವಧೂತ ಸ್ವಾಮೀಜಿ ಸಾನಿಧ್ಯ ವಹಿಸಿದ್ದರು. ಶಿರಾ ತಾಲೂಕಿನ ಪಟ್ಟನಾಯಕನಹಳ್ಳಿಯ ಶ್ರೀ ಗುರು ಗುಹಾಶ್ರಮದಲ್ಲಿ ನವರಾತ್ರಿ ಹಾಗೂ ಧಾರ್ಮಿಕ ಸಮಾರಂಭದಲ್ಲಿ ಭಾಗವಹಿಸಿದ್ದರು.
ವೈದ್ಯ ಶಿಷ್ಟಾಚಾರ ಪಡೆದು ಭಕ್ತರಿಗೆ ಉಪದೇಶ ನೀಡಿ ಮಾತನಾಡಿದರು. ಒಳ್ಳೆಯ ಯೋಚನೆ, ಒಳ್ಳೆಯ ಕೆಲಸ ಮನುಷ್ಯನ ಜೀವನದಲ್ಲಿ ಅತಿ ಮುಖ್ಯ. ನಮ್ಮ ಜೀವನದ ಕರ್ಮಗಳು ಒಳ್ಳೆಯ ಕರ್ಮಗಳಾಗಿರಬೇಕು. ನಾವು ಮಾಡುವ ಸಮಾಜ ಸೇವೆ ಮುಖ್ಯ. ಸ್ವರ್ಗ ನರಕ ನಮ್ಮ ಕೈಯಲ್ಲೇ ಇದೆ. ನಾವು ಮಾಡುವ ಒಳ್ಳೆಯ ಕೆಲಸಗಳೇ ನಮ್ಮನ್ನು ಕಾಪಾಡುತ್ತವೆ ಎಂದರು. ಈ ಸಂದರ್ಭದಲ್ಲಿ ಮಠದ ವಿದ್ಯಾರ್ಥಿಗಳು, ಭಕ್ತರು ಹಾಜರಿದ್ದರು.
ತಿಪಟೂರು: ನಗರದ ಹಳೇಪಾಳ್ಯದ ರಸ್ತೆಯಲ್ಲಿರುವ ತಿಪಟೂರು ಕೃಷಿ ಉತ್ಪನ್ನಗಳ ಸಂಸ್ಕರಣೆ ಹಾಗೂ ಮಾರಾಟ ಸಹಕಾರ ಸಂಘದ ವಾರ್ಷಿಕ ಸಭೆಯನ್ನು ಸಂಘದ ಅಧ್ಯಕ್ಷ ತ್ರಿಮೂರ್ತಿ ಅವರ ಅಧ್ಯಕ್ಷತೆಯಲ್ಲಿ ನಡೆಸಲಾಯಿತು.
